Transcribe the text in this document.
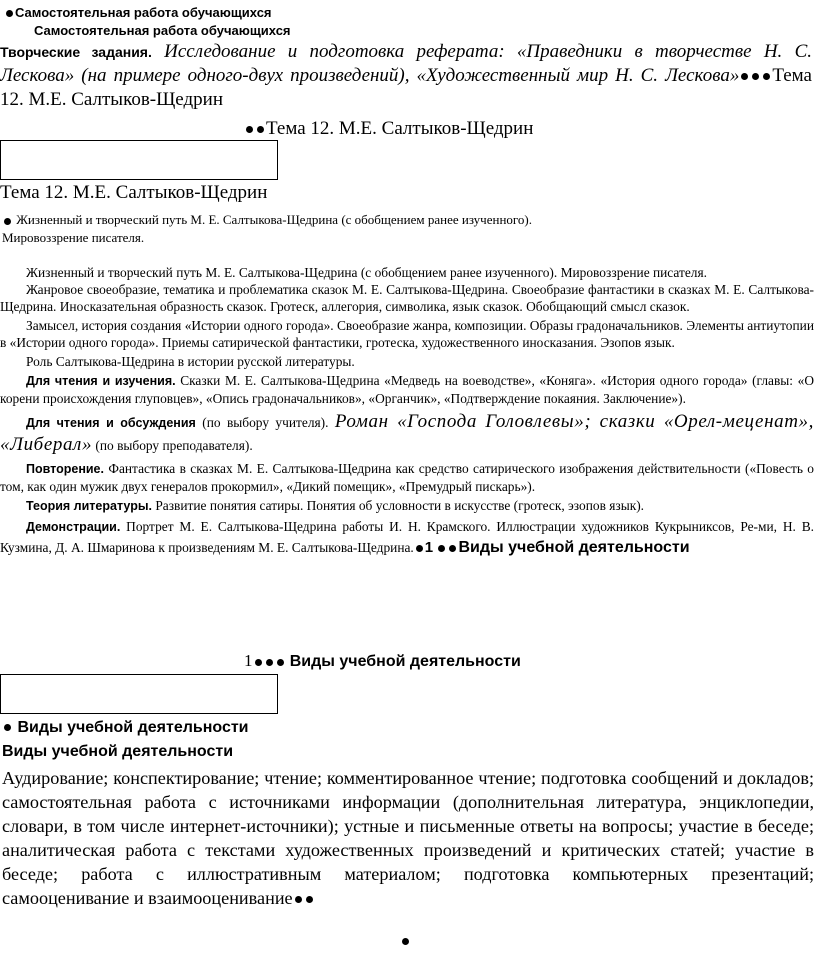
Самостоятельная работа обучающихся
Самостоятельная работа обучающихся
Творческие задания. Исследование и подготовка реферата: «Праведники в творчестве Н. С. Лескова» (на примере одного-двух произведений), «Художественный мир Н. С. Лескова» Тема 12. М.Е. Салтыков-Щедрин
Тема 12. М.Е. Салтыков-Щедрин
Тема 12. М.Е. Салтыков-Щедрин
Жизненный и творческий путь М. Е. Салтыкова-Щедрина (с обобщением ранее изученного).
Мировоззрение писателя.
Жизненный и творческий путь М. Е. Салтыкова-Щедрина (с обобщением ранее изученного). Мировоззрение писателя.
Жанровое своеобразие, тематика и проблематика сказок М. Е. Салтыкова-Щедрина. Своеобразие фантастики в сказках М. Е. Салтыкова-Щедрина. Иносказательная образность сказок. Гротеск, аллегория, символика, язык сказок. Обобщающий смысл сказок.
Замысел, история создания «Истории одного города». Своеобразие жанра, композиции. Образы градоначальников. Элементы антиутопии в «Истории одного города». Приемы сатирической фантастики, гротеска, художественного иносказания. Эзопов язык.
Роль Салтыкова-Щедрина в истории русской литературы.
Для чтения и изучения. Сказки М. Е. Салтыкова-Щедрина «Медведь на воеводстве», «Коняга». «История одного города» (главы: «О корени происхождения глуповцев», «Опись градоначальников», «Органчик», «Подтверждение покаяния. Заключение»).
Для чтения и обсуждения (по выбору учителя). Роман «Господа Головлевы»; сказки «Орел-меценат», «Либерал» (по выбору преподавателя).
Повторение. Фантастика в сказках М. Е. Салтыкова-Щедрина как средство сатирического изображения действительности («Повесть о том, как один мужик двух генералов прокормил», «Дикий помещик», «Премудрый пискарь»).
Теория литературы. Развитие понятия сатиры. Понятия об условности в искусстве (гротеск, эзопов язык).
Демонстрации. Портрет М. Е. Салтыкова-Щедрина работы И. Н. Крамского. Иллюстрации художников Кукрыниксов, Ре-ми, Н. В. Кузмина, Д. А. Шмаринова к произведениям М. Е. Салтыкова-Щедрина. 1 Виды учебной деятельности
1 Виды учебной деятельности
Виды учебной деятельности
Виды учебной деятельности
Аудирование; конспектирование; чтение; комментированное чтение; подготовка сообщений и докладов; самостоятельная работа с источниками информации (дополнительная литература, энциклопедии, словари, в том числе интернет-источники); устные и письменные ответы на вопросы; участие в беседе; аналитическая работа с текстами художественных произведений и критических статей; участие в беседе; работа с иллюстративным материалом; подготовка компьютерных презентаций; самооценивание и взаимооценивание
